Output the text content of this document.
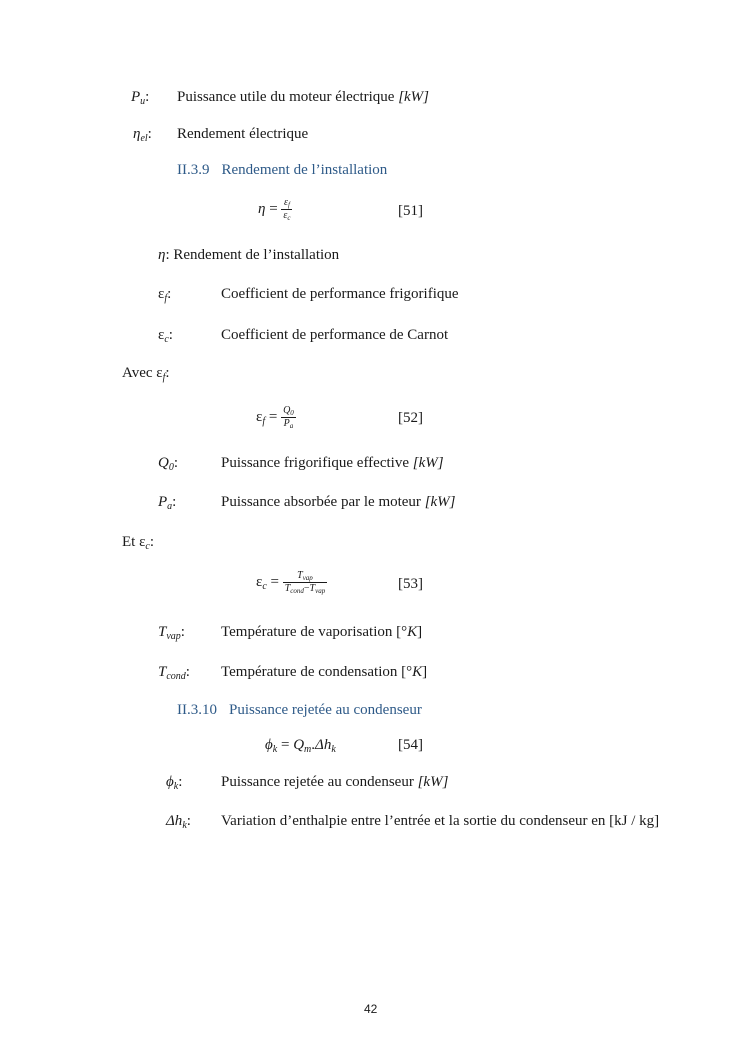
$P_u$: Puissance utile du moteur électrique [kW]
$\eta_{el}$: Rendement électrique
II.3.9 Rendement de l’installation
$\eta = \frac{\varepsilon_f}{\varepsilon_c}$	[51]
η: Rendement de l’installation
$\varepsilon_f$:	Coefficient de performance frigorifique
$\varepsilon_c$:	Coefficient de performance de Carnot
Avec $\varepsilon_f$:
$\varepsilon_f = \frac{Q_0}{P_a}$	[52]
$Q_0$:	Puissance frigorifique effective [kW]
$P_a$:	Puissance absorbée par le moteur [kW]
Et $\varepsilon_c$:
$\varepsilon_c = \frac{T_{vap}}{T_{cond}-T_{vap}}$	[53]
$T_{vap}$: Température de vaporisation [°K]
$T_{cond}$: Température de condensation [°K]
II.3.10 Puissance rejetée au condenseur
$\phi_k = Q_m.\Delta h_k$	[54]
$\phi_k$:	Puissance rejetée au condenseur [kW]
$\Delta h_k$: Variation d’enthalpie entre l’entrée et la sortie du condenseur en [kJ / kg]
42
